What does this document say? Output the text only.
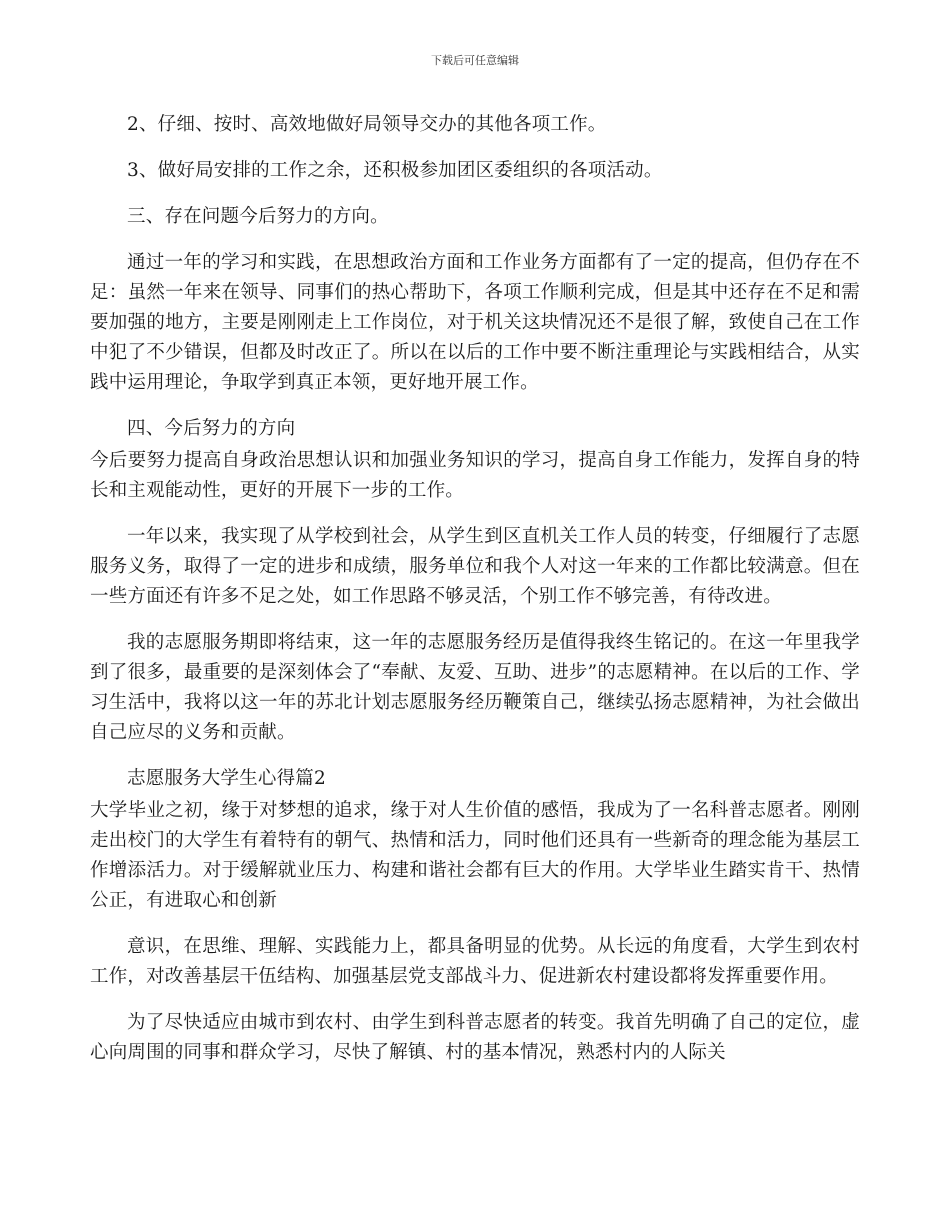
下载后可任意编辑

2、仔细、按时、高效地做好局领导交办的其他各项工作。

3、做好局安排的工作之余，还积极参加团区委组织的各项活动。

三、存在问题今后努力的方向。

通过一年的学习和实践，在思想政治方面和工作业务方面都有了一定的提高，但仍存在不足：虽然一年来在领导、同事们的热心帮助下，各项工作顺利完成，但是其中还存在不足和需要加强的地方，主要是刚刚走上工作岗位，对于机关这块情况还不是很了解，致使自己在工作中犯了不少错误，但都及时改正了。所以在以后的工作中要不断注重理论与实践相结合，从实践中运用理论，争取学到真正本领，更好地开展工作。

四、今后努力的方向

今后要努力提高自身政治思想认识和加强业务知识的学习，提高自身工作能力，发挥自身的特长和主观能动性，更好的开展下一步的工作。

一年以来，我实现了从学校到社会，从学生到区直机关工作人员的转变，仔细履行了志愿服务义务，取得了一定的进步和成绩，服务单位和我个人对这一年来的工作都比较满意。但在一些方面还有许多不足之处，如工作思路不够灵活，个别工作不够完善，有待改进。

我的志愿服务期即将结束，这一年的志愿服务经历是值得我终生铭记的。在这一年里我学到了很多，最重要的是深刻体会了“奉献、友爱、互助、进步”的志愿精神。在以后的工作、学习生活中，我将以这一年的苏北计划志愿服务经历鞭策自己，继续弘扬志愿精神，为社会做出自己应尽的义务和贡献。

志愿服务大学生心得篇2

大学毕业之初，缘于对梦想的追求，缘于对人生价值的感悟，我成为了一名科普志愿者。刚刚走出校门的大学生有着特有的朝气、热情和活力，同时他们还具有一些新奇的理念能为基层工作增添活力。对于缓解就业压力、构建和谐社会都有巨大的作用。大学毕业生踏实肯干、热情公正，有进取心和创新

意识，在思维、理解、实践能力上，都具备明显的优势。从长远的角度看，大学生到农村工作，对改善基层干伍结构、加强基层党支部战斗力、促进新农村建设都将发挥重要作用。

为了尽快适应由城市到农村、由学生到科普志愿者的转变。我首先明确了自己的定位，虚心向周围的同事和群众学习，尽快了解镇、村的基本情况，熟悉村内的人际关
